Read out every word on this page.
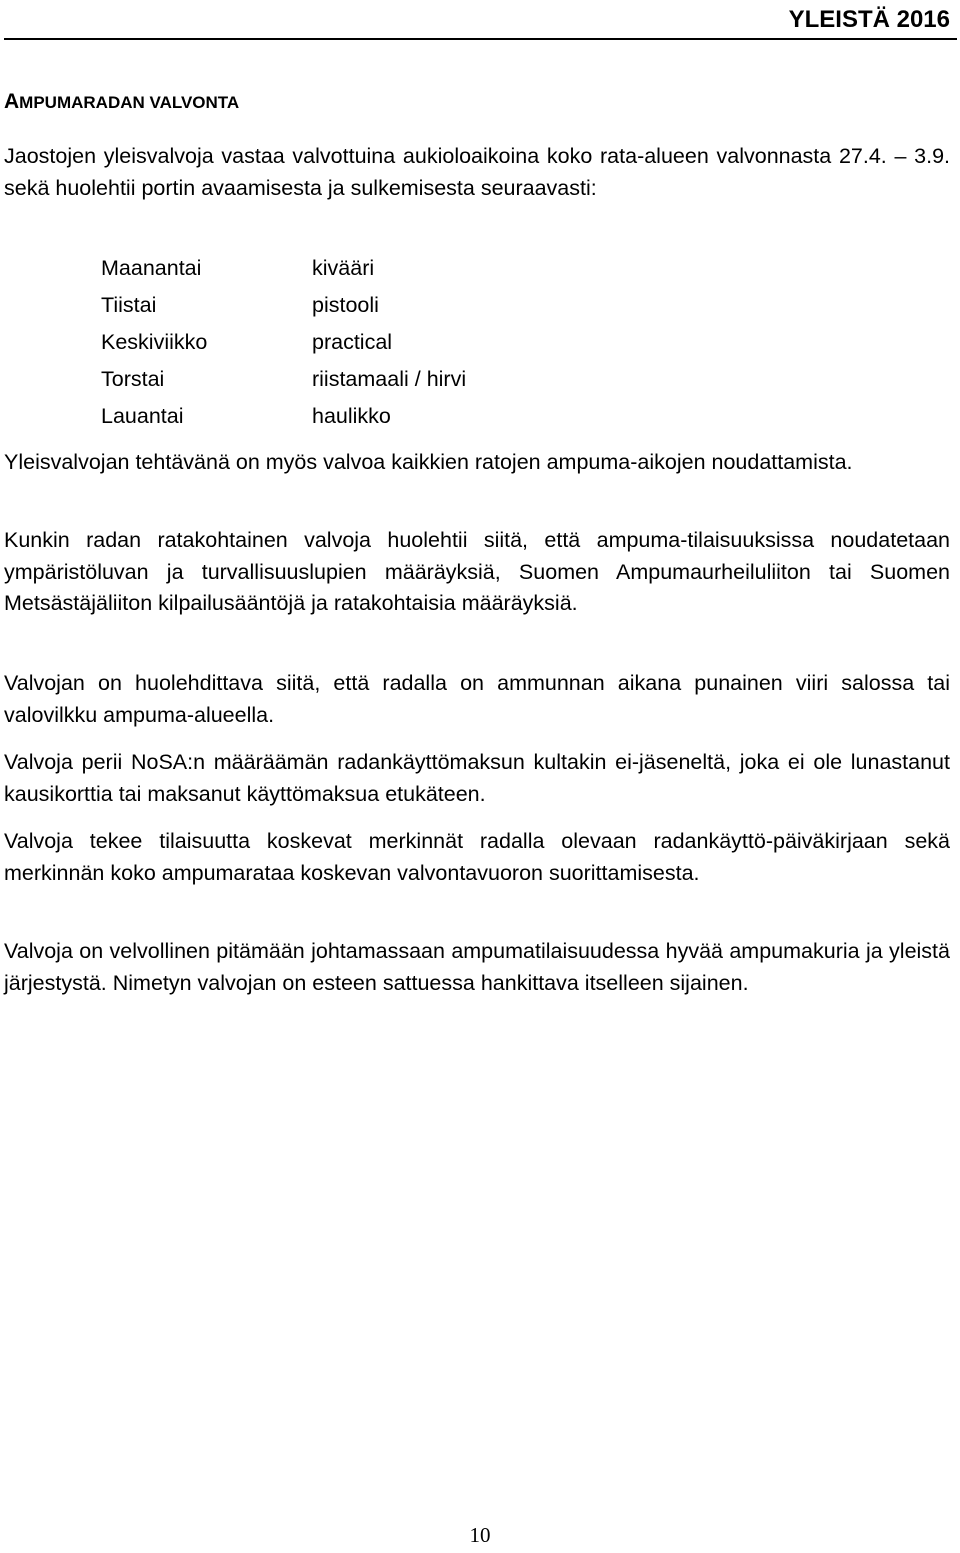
YLEISTÄ 2016
AMPUMARADAN VALVONTA

Jaostojen yleisvalvoja vastaa valvottuina aukioloaikoina koko rata-alueen valvonnasta 27.4. – 3.9. sekä huolehtii portin avaamisesta ja sulkemisesta seuraavasti:

Maanantai	kivääri
Tiistai	pistooli
Keskiviikko	practical
Torstai	riistamaali / hirvi
Lauantai	haulikko

Yleisvalvojan tehtävänä on myös valvoa kaikkien ratojen ampuma-aikojen noudattamista.

Kunkin radan ratakohtainen valvoja huolehtii siitä, että ampuma-tilaisuuksissa noudatetaan ympäristöluvan ja turvallisuuslupien määräyksiä, Suomen Ampumaurheiluliiton tai Suomen Metsästäjäliiton kilpailusääntöjä ja ratakohtaisia määräyksiä.

Valvojan on huolehdittava siitä, että radalla on ammunnan aikana punainen viiri salossa tai valovilkku ampuma-alueella.

Valvoja perii NoSA:n määräämän radankäyttömaksun kultakin ei-jäseneltä, joka ei ole lunastanut kausikorttia tai maksanut käyttömaksua etukäteen.

Valvoja tekee tilaisuutta koskevat merkinnät radalla olevaan radankäyttö-päiväkirjaan sekä merkinnän koko ampumarataa koskevan valvontavuoron suorittamisesta.

Valvoja on velvollinen pitämään johtamassaan ampumatilaisuudessa hyvää ampumakuria ja yleistä järjestystä. Nimetyn valvojan on esteen sattuessa hankittava itselleen sijainen.

10
